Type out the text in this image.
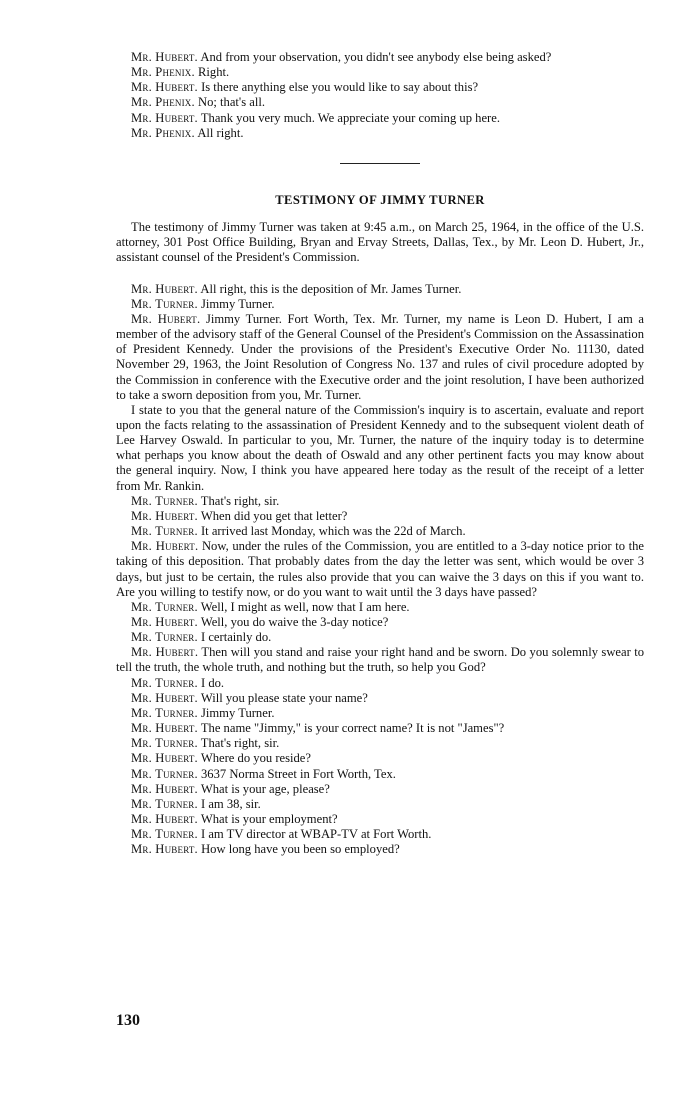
Mr. Hubert. And from your observation, you didn't see anybody else being asked?

Mr. Phenix. Right.

Mr. Hubert. Is there anything else you would like to say about this?

Mr. Phenix. No; that's all.

Mr. Hubert. Thank you very much. We appreciate your coming up here.

Mr. Phenix. All right.

TESTIMONY OF JIMMY TURNER

The testimony of Jimmy Turner was taken at 9:45 a.m., on March 25, 1964, in the office of the U.S. attorney, 301 Post Office Building, Bryan and Ervay Streets, Dallas, Tex., by Mr. Leon D. Hubert, Jr., assistant counsel of the President's Commission.

Mr. Hubert. All right, this is the deposition of Mr. James Turner.

Mr. Turner. Jimmy Turner.

Mr. Hubert. Jimmy Turner. Fort Worth, Tex. Mr. Turner, my name is Leon D. Hubert, I am a member of the advisory staff of the General Counsel of the President's Commission on the Assassination of President Kennedy. Under the provisions of the President's Executive Order No. 11130, dated November 29, 1963, the Joint Resolution of Congress No. 137 and rules of civil procedure adopted by the Commission in conference with the Executive order and the joint resolution, I have been authorized to take a sworn deposition from you, Mr. Turner.

I state to you that the general nature of the Commission's inquiry is to ascertain, evaluate and report upon the facts relating to the assassination of President Kennedy and to the subsequent violent death of Lee Harvey Oswald. In particular to you, Mr. Turner, the nature of the inquiry today is to determine what perhaps you know about the death of Oswald and any other pertinent facts you may know about the general inquiry. Now, I think you have appeared here today as the result of the receipt of a letter from Mr. Rankin.

Mr. Turner. That's right, sir.

Mr. Hubert. When did you get that letter?

Mr. Turner. It arrived last Monday, which was the 22d of March.

Mr. Hubert. Now, under the rules of the Commission, you are entitled to a 3-day notice prior to the taking of this deposition. That probably dates from the day the letter was sent, which would be over 3 days, but just to be certain, the rules also provide that you can waive the 3 days on this if you want to. Are you willing to testify now, or do you want to wait until the 3 days have passed?

Mr. Turner. Well, I might as well, now that I am here.

Mr. Hubert. Well, you do waive the 3-day notice?

Mr. Turner. I certainly do.

Mr. Hubert. Then will you stand and raise your right hand and be sworn. Do you solemnly swear to tell the truth, the whole truth, and nothing but the truth, so help you God?

Mr. Turner. I do.

Mr. Hubert. Will you please state your name?

Mr. Turner. Jimmy Turner.

Mr. Hubert. The name "Jimmy," is your correct name? It is not "James"?

Mr. Turner. That's right, sir.

Mr. Hubert. Where do you reside?

Mr. Turner. 3637 Norma Street in Fort Worth, Tex.

Mr. Hubert. What is your age, please?

Mr. Turner. I am 38, sir.

Mr. Hubert. What is your employment?

Mr. Turner. I am TV director at WBAP-TV at Fort Worth.

Mr. Hubert. How long have you been so employed?

130
